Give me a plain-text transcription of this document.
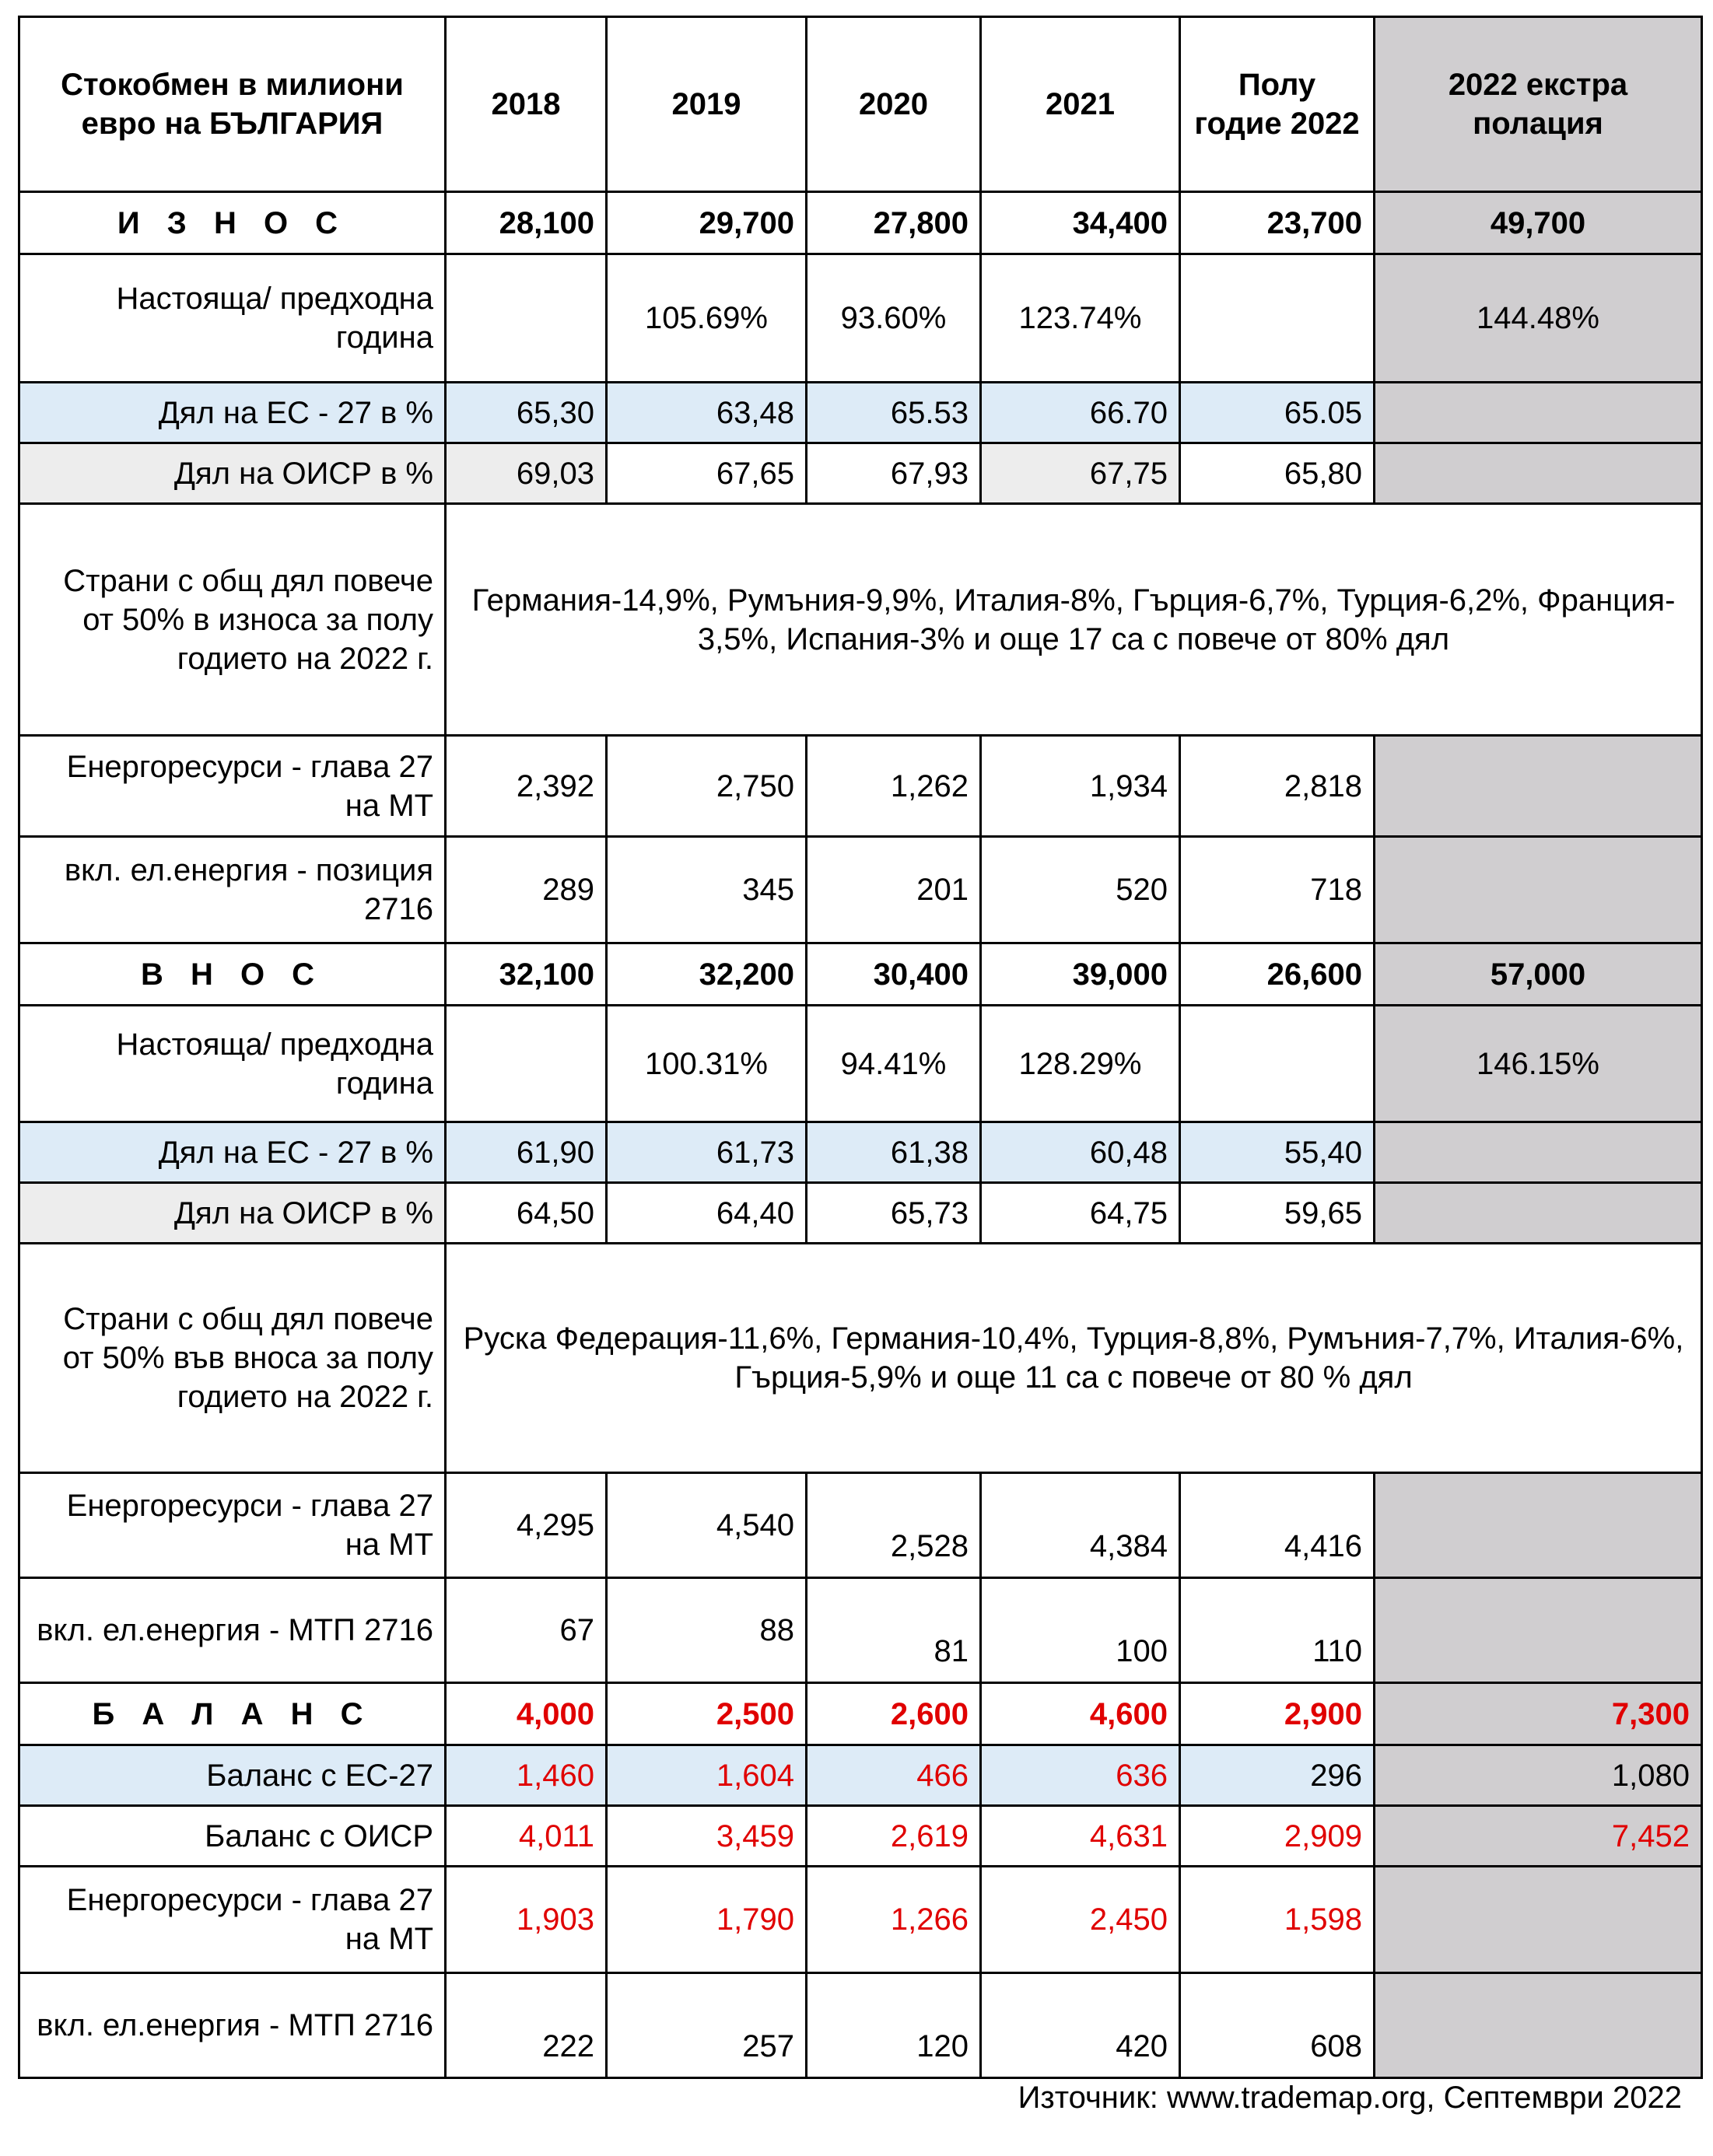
Стокобмен в милиони евро на БЪЛГАРИЯ	2018	2019	2020	2021	Полу годие 2022	2022 екстра полация
И З Н О С	28,100	29,700	27,800	34,400	23,700	49,700
Настояща/ предходна година		105.69%	93.60%	123.74%		144.48%
Дял на ЕС - 27 в %	65,30	63,48	65.53	66.70	65.05	
Дял на ОИСР в %	69,03	67,65	67,93	67,75	65,80	
Страни с общ дял повече от 50% в износа за полу годието на 2022 г.	Германия-14,9%, Румъния-9,9%, Италия-8%, Гърция-6,7%, Турция-6,2%, Франция- 3,5%, Испания-3% и още 17 са с повече от 80% дял					
Енергоресурси - глава 27 на МТ	2,392	2,750	1,262	1,934	2,818	
вкл. ел.енергия - позиция 2716	289	345	201	520	718	
В Н О С	32,100	32,200	30,400	39,000	26,600	57,000
Настояща/ предходна година		100.31%	94.41%	128.29%		146.15%
Дял на ЕС - 27 в %	61,90	61,73	61,38	60,48	55,40	
Дял на ОИСР в %	64,50	64,40	65,73	64,75	59,65	
Страни с общ дял повече от 50% във вноса за полу годието на 2022 г.	Руска Федерация-11,6%, Германия-10,4%, Турция-8,8%, Румъния-7,7%, Италия-6%, Гърция-5,9% и още 11 са с повече от 80 % дял					
Енергоресурси - глава 27 на МТ	4,295	4,540	2,528	4,384	4,416	
вкл. ел.енергия - МТП 2716	67	88	81	100	110	
Б А Л А Н С	4,000	2,500	2,600	4,600	2,900	7,300
Баланс с ЕС-27	1,460	1,604	466	636	296	1,080
Баланс с ОИСР	4,011	3,459	2,619	4,631	2,909	7,452
Енергоресурси - глава 27 на МТ	1,903	1,790	1,266	2,450	1,598	
вкл. ел.енергия - МТП 2716	222	257	120	420	608	
Източник: www.trademap.org, Септември 2022
